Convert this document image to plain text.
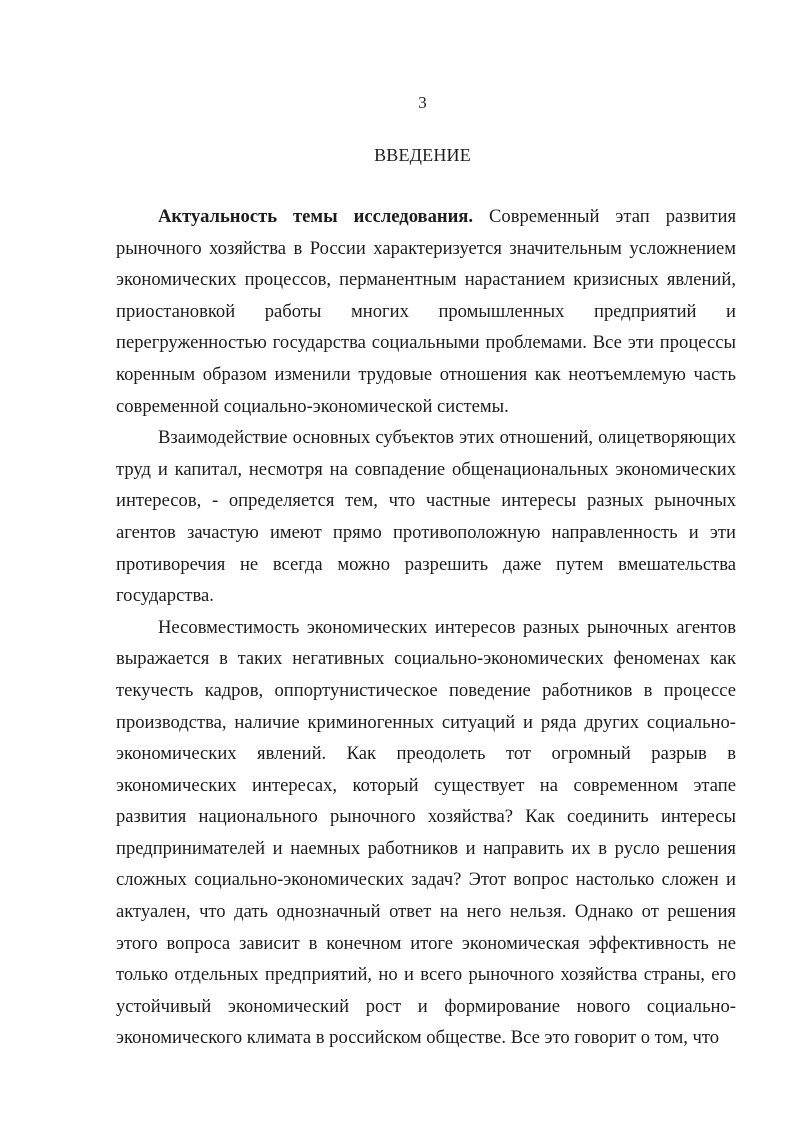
3
ВВЕДЕНИЕ

Актуальность темы исследования. Современный этап развития рыночного хозяйства в России характеризуется значительным усложнением экономических процессов, перманентным нарастанием кризисных явлений, приостановкой работы многих промышленных предприятий и перегруженностью государства социальными проблемами. Все эти процессы коренным образом изменили трудовые отношения как неотъемлемую часть современной социально-экономической системы.

Взаимодействие основных субъектов этих отношений, олицетворяющих труд и капитал, несмотря на совпадение общенациональных экономических интересов, - определяется тем, что частные интересы разных рыночных агентов зачастую имеют прямо противоположную направленность и эти противоречия не всегда можно разрешить даже путем вмешательства государства.

Несовместимость экономических интересов разных рыночных агентов выражается в таких негативных социально-экономических феноменах как текучесть кадров, оппортунистическое поведение работников в процессе производства, наличие криминогенных ситуаций и ряда других социально-экономических явлений. Как преодолеть тот огромный разрыв в экономических интересах, который существует на современном этапе развития национального рыночного хозяйства? Как соединить интересы предпринимателей и наемных работников и направить их в русло решения сложных социально-экономических задач? Этот вопрос настолько сложен и актуален, что дать однозначный ответ на него нельзя. Однако от решения этого вопроса зависит в конечном итоге экономическая эффективность не только отдельных предприятий, но и всего рыночного хозяйства страны, его устойчивый экономический рост и формирование нового социально-экономического климата в российском обществе. Все это говорит о том, что
